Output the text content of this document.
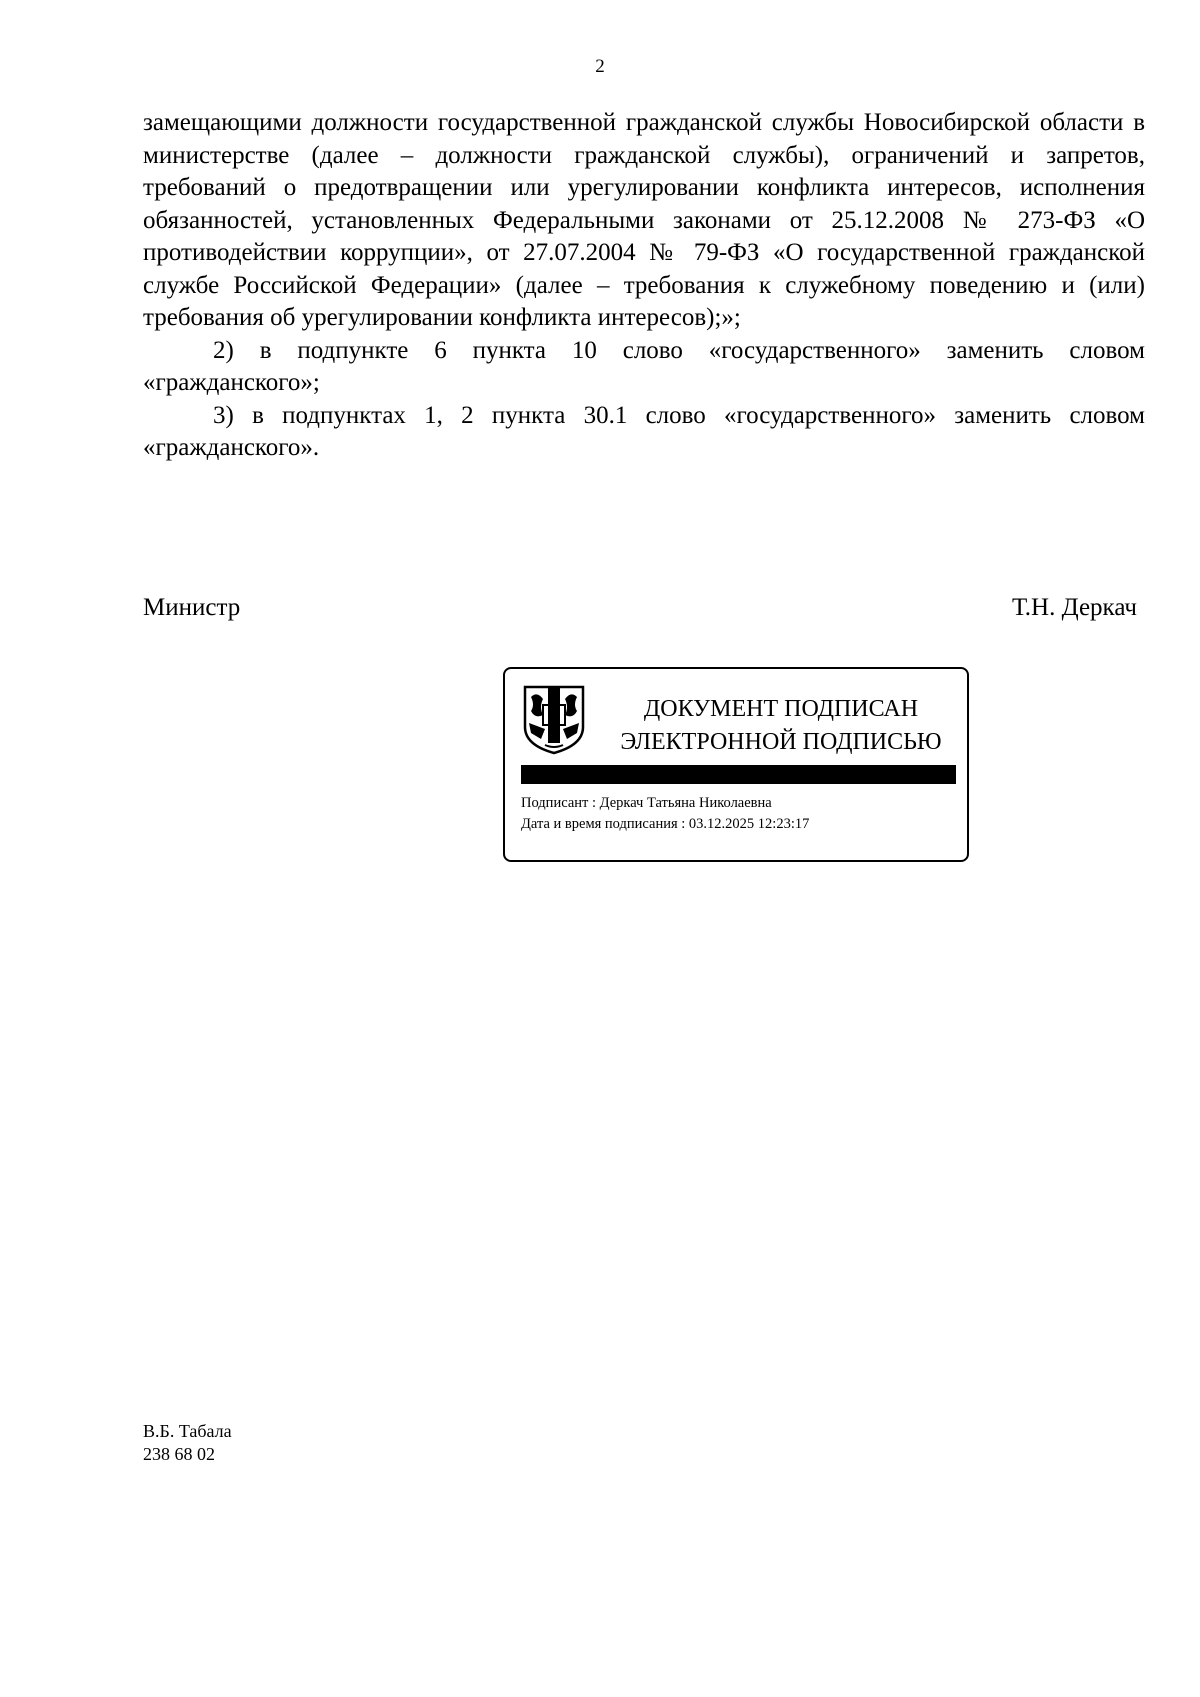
2

замещающими должности государственной гражданской службы Новосибирской области в министерстве (далее – должности гражданской службы), ограничений и запретов, требований о предотвращении или урегулировании конфликта интересов, исполнения обязанностей, установленных Федеральными законами от 25.12.2008 № 273-ФЗ «О противодействии коррупции», от 27.07.2004 № 79-ФЗ «О государственной гражданской службе Российской Федерации» (далее – требования к служебному поведению и (или) требования об урегулировании конфликта интересов);»;

2) в подпункте 6 пункта 10 слово «государственного» заменить словом «гражданского»;

3) в подпунктах 1, 2 пункта 30.1 слово «государственного» заменить словом «гражданского».

Министр	Т.Н. Деркач
ДОКУМЕНТ ПОДПИСАН
ЭЛЕКТРОННОЙ ПОДПИСЬЮ
Подписант : Деркач Татьяна Николаевна
Дата и время подписания : 03.12.2025 12:23:17
В.Б. Табала
238 68 02
